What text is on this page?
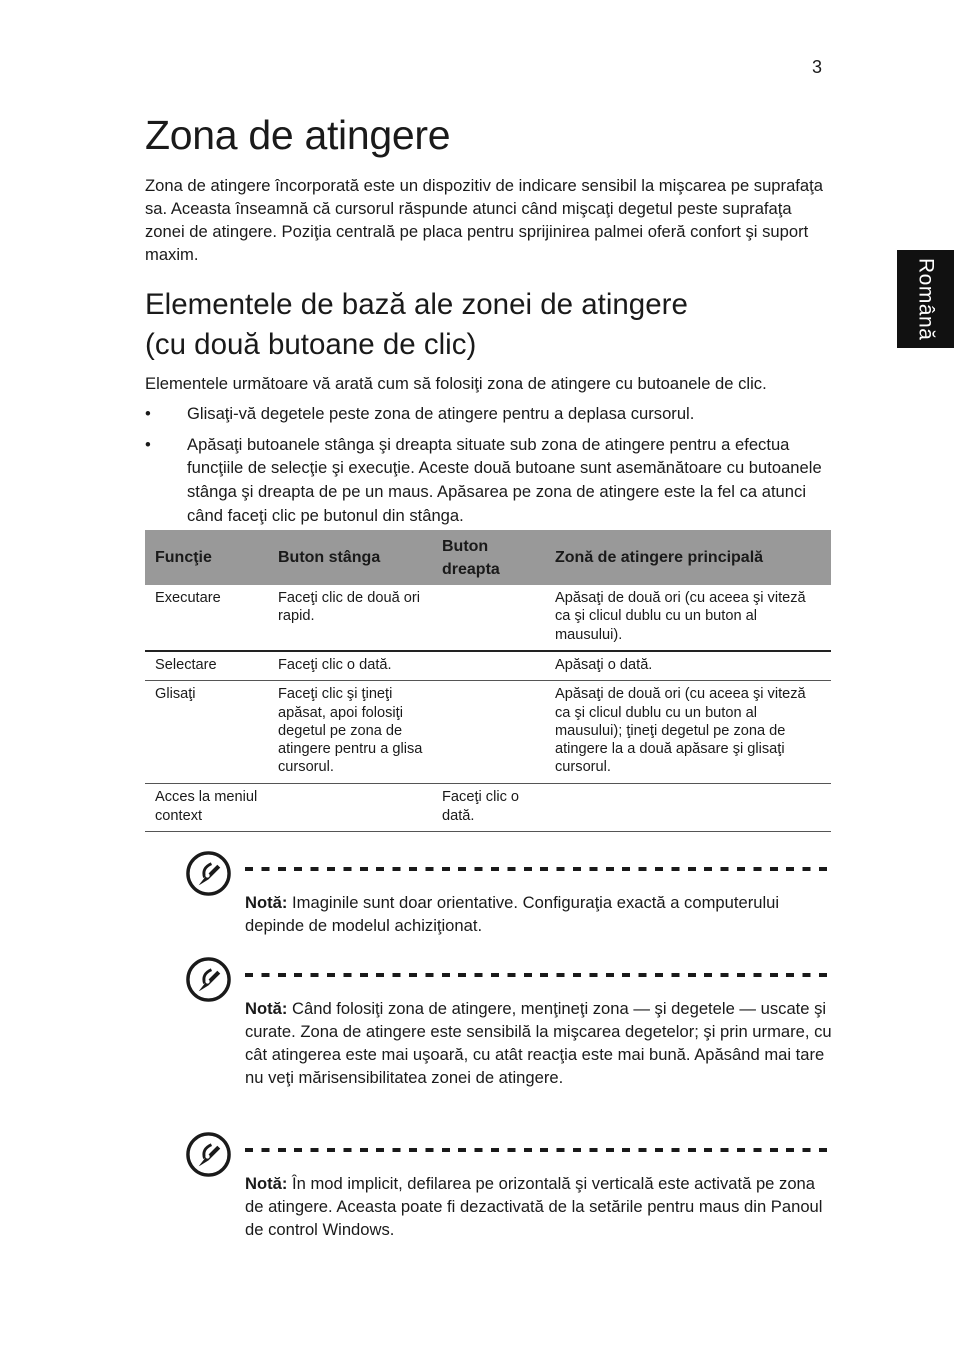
3
Română
Zona de atingere

Zona de atingere încorporată este un dispozitiv de indicare sensibil la mişcarea pe suprafaţa sa. Aceasta înseamnă că cursorul răspunde atunci când mişcaţi degetul peste suprafaţa zonei de atingere. Poziţia centrală pe placa pentru sprijinirea palmei oferă confort şi suport maxim.

Elementele de bază ale zonei de atingere
(cu două butoane de clic)

Elementele următoare vă arată cum să folosiţi zona de atingere cu butoanele de clic.

• Glisaţi-vă degetele peste zona de atingere pentru a deplasa cursorul.
• Apăsaţi butoanele stânga şi dreapta situate sub zona de atingere pentru a efectua funcţiile de selecţie şi execuţie. Aceste două butoane sunt asemănătoare cu butoanele stânga şi dreapta de pe un maus. Apăsarea pe zona de atingere este la fel ca atunci când faceţi clic pe butonul din stânga.
Funcţie	Buton stânga	Buton dreapta	Zonă de atingere principală
Executare	Faceţi clic de două ori rapid.		Apăsaţi de două ori (cu aceea şi viteză ca şi clicul dublu cu un buton al mausului).
Selectare	Faceţi clic o dată.		Apăsaţi o dată.
Glisaţi	Faceţi clic şi ţineţi apăsat, apoi folosiţi degetul pe zona de atingere pentru a glisa cursorul.		Apăsaţi de două ori (cu aceea şi viteză ca şi clicul dublu cu un buton al mausului); ţineţi degetul pe zona de atingere la a două apăsare şi glisaţi cursorul.
Acces la meniul context		Faceţi clic o dată.	

Notă: Imaginile sunt doar orientative. Configuraţia exactă a computerului depinde de modelul achiziţionat.

Notă: Când folosiţi zona de atingere, menţineţi zona — şi degetele — uscate şi curate. Zona de atingere este sensibilă la mişcarea degetelor; şi prin urmare, cu cât atingerea este mai uşoară, cu atât reacţia este mai bună. Apăsând mai tare nu veţi mărisensibilitatea zonei de atingere.

Notă: În mod implicit, defilarea pe orizontală şi verticală este activată pe zona de atingere. Aceasta poate fi dezactivată de la setările pentru maus din Panoul de control Windows.
